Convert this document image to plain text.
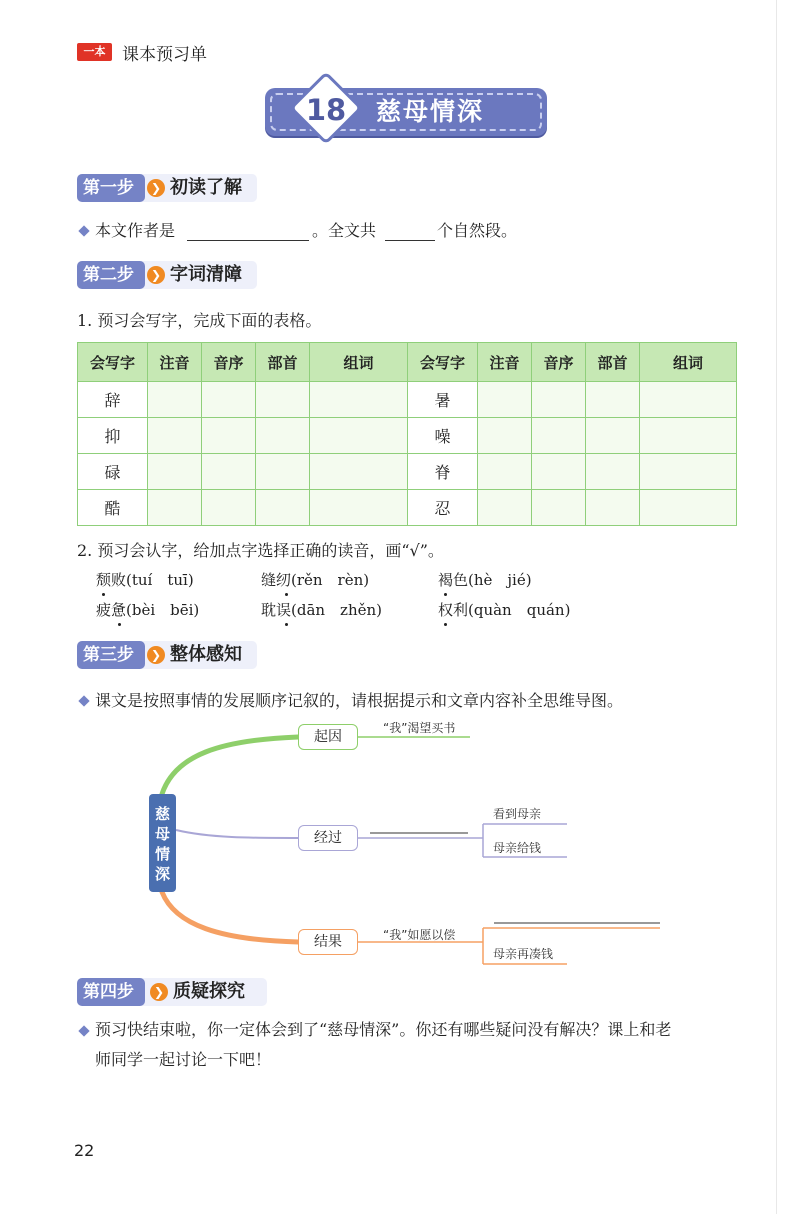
一本 课本预习单
18	慈母情深
第一步	❯ 初读了解
本文作者是	。全文共	个自然段。
第二步	❯ 字词清障
1. 预习会写字，完成下面的表格。
会写字	注音	音序	部首	组词	会写字	注音	音序	部首	组词
辞					暑				
抑					噪				
碌					脊				
酷					忍				
2. 预习会认字，给加点字选择正确的读音，画“√”。
颓败(tuí　tuī)	缝纫(rěn　rèn)	褐色(hè　jié)
疲惫(bèi　bēi)	耽误(dān　zhěn)	权利(quàn　quán)
第三步	❯ 整体感知
课文是按照事情的发展顺序记叙的，请根据提示和文章内容补全思维导图。
慈
母
情
深
起因
“我”渴望买书
经过
看到母亲
母亲给钱
结果	“我”如愿以偿
母亲再凑钱
第四步	❯ 质疑探究
预习快结束啦，你一定体会到了“慈母情深”。你还有哪些疑问没有解决？课上和老
师同学一起讨论一下吧！
22
